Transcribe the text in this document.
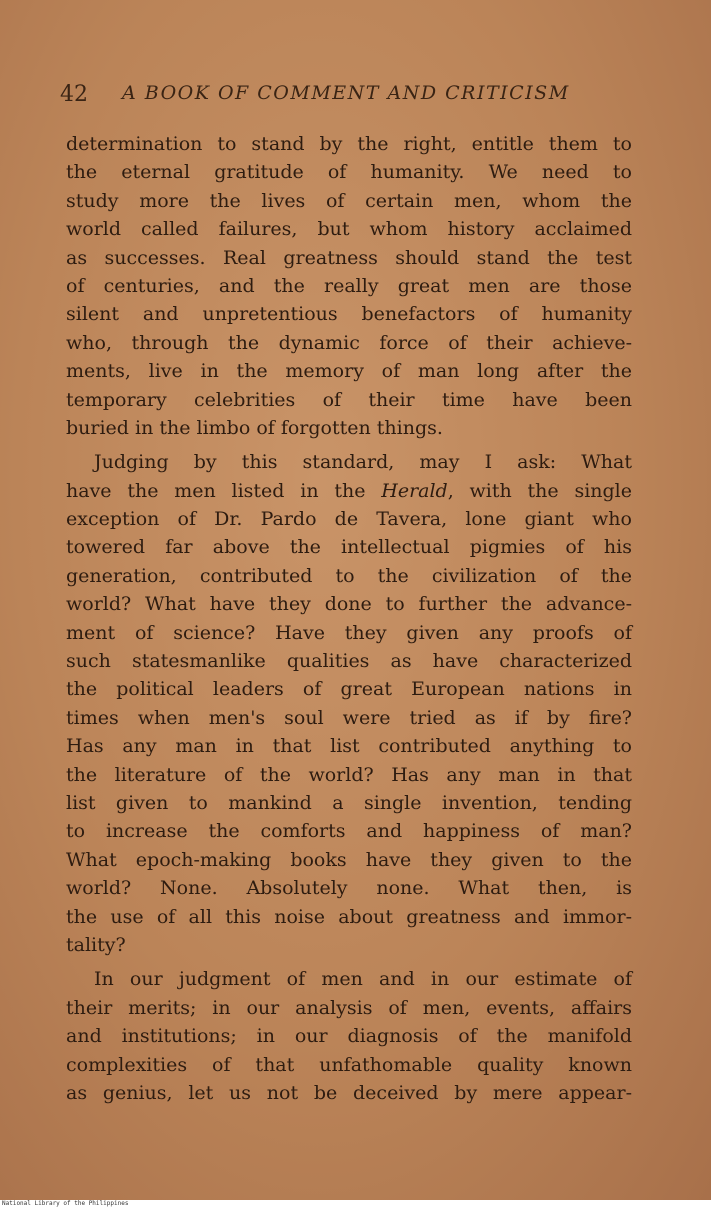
42 A BOOK OF COMMENT AND CRITICISM
determination to stand by the right, entitle them to
the eternal gratitude of humanity. We need to
study more the lives of certain men, whom the
world called failures, but whom history acclaimed
as successes. Real greatness should stand the test
of centuries, and the really great men are those
silent and unpretentious benefactors of humanity
who, through the dynamic force of their achieve-
ments, live in the memory of man long after the
temporary celebrities of their time have been
buried in the limbo of forgotten things.
Judging by this standard, may I ask: What
have the men listed in the Herald, with the single
exception of Dr. Pardo de Tavera, lone giant who
towered far above the intellectual pigmies of his
generation, contributed to the civilization of the
world? What have they done to further the advance-
ment of science? Have they given any proofs of
such statesmanlike qualities as have characterized
the political leaders of great European nations in
times when men's soul were tried as if by fire?
Has any man in that list contributed anything to
the literature of the world? Has any man in that
list given to mankind a single invention, tending
to increase the comforts and happiness of man?
What epoch-making books have they given to the
world? None. Absolutely none. What then, is
the use of all this noise about greatness and immor-
tality?
In our judgment of men and in our estimate of
their merits; in our analysis of men, events, affairs
and institutions; in our diagnosis of the manifold
complexities of that unfathomable quality known
as genius, let us not be deceived by mere appear-
National Library of the Philippines
